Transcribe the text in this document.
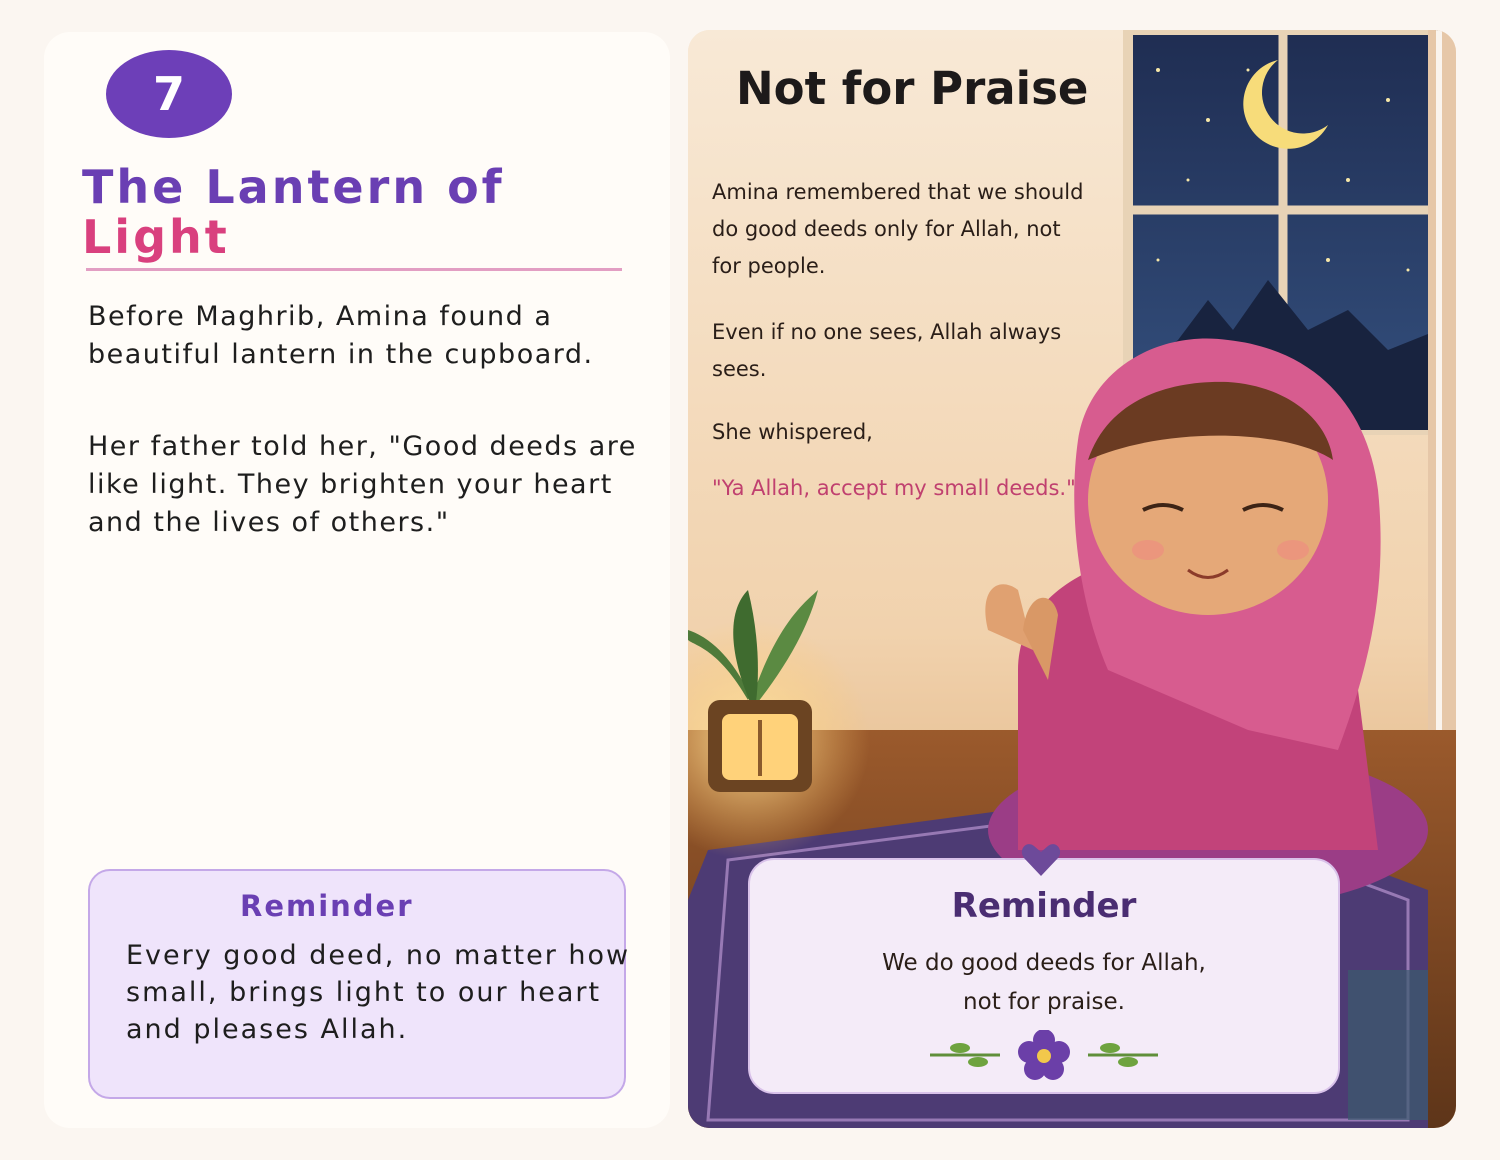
7
The Lantern of
Light

Before Maghrib, Amina found a beautiful lantern in the cupboard.

Her father told her, "Good deeds are like light. They brighten your heart and the lives of others."

Reminder

Every good deed, no matter how small, brings light to our heart and pleases Allah.

Not for Praise

Amina remembered that we should do good deeds only for Allah, not for people.

Even if no one sees, Allah always sees.

She whispered,

"Ya Allah, accept my small deeds."

Reminder

We do good deeds for Allah,
not for praise.
